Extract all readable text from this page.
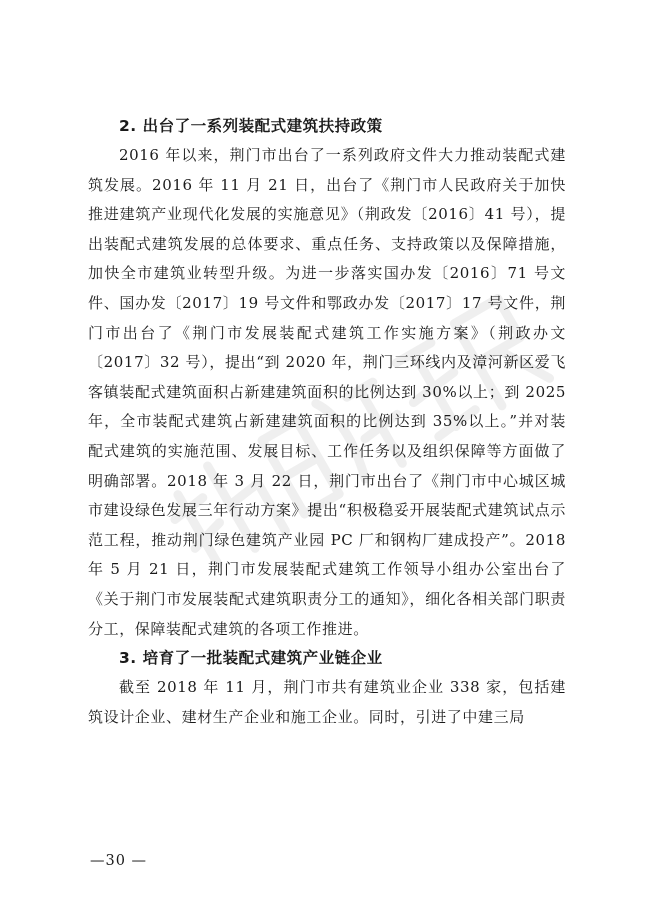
2. 出台了一系列装配式建筑扶持政策

2016 年以来，荆门市出台了一系列政府文件大力推动装配式建筑发展。2016 年 11 月 21 日，出台了《荆门市人民政府关于加快推进建筑产业现代化发展的实施意见》（荆政发〔2016〕41 号），提出装配式建筑发展的总体要求、重点任务、支持政策以及保障措施，加快全市建筑业转型升级。为进一步落实国办发〔2016〕71 号文件、国办发〔2017〕19 号文件和鄂政办发〔2017〕17 号文件，荆门市出台了《荆门市发展装配式建筑工作实施方案》（荆政办文〔2017〕32 号），提出“到 2020 年，荆门三环线内及漳河新区爱飞客镇装配式建筑面积占新建建筑面积的比例达到 30%以上；到 2025 年，全市装配式建筑占新建建筑面积的比例达到 35%以上。”并对装配式建筑的实施范围、发展目标、工作任务以及组织保障等方面做了明确部署。2018 年 3 月 22 日，荆门市出台了《荆门市中心城区城市建设绿色发展三年行动方案》提出“积极稳妥开展装配式建筑试点示范工程，推动荆门绿色建筑产业园 PC 厂和钢构厂建成投产”。2018 年 5 月 21 日，荆门市发展装配式建筑工作领导小组办公室出台了《关于荆门市发展装配式建筑职责分工的通知》，细化各相关部门职责分工，保障装配式建筑的各项工作推进。

3. 培育了一批装配式建筑产业链企业

截至 2018 年 11 月，荆门市共有建筑业企业 338 家，包括建筑设计企业、建材生产企业和施工企业。同时，引进了中建三局

—30 —
